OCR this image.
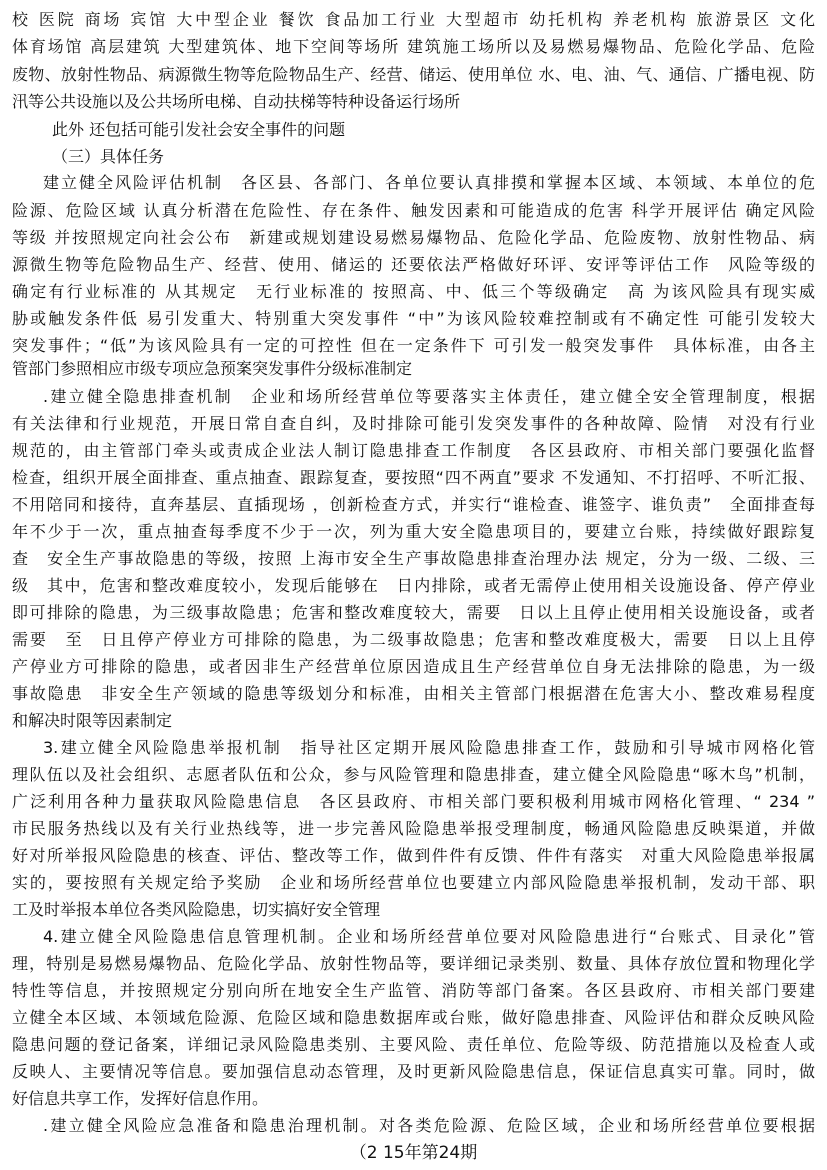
（2 15年第24期
校 医院 商场 宾馆 大中型企业 餐饮 食品加工行业 大型超市 幼托机构 养老机构 旅游景区 文化
体育场馆 高层建筑 大型建筑体、地下空间等场所 建筑施工场所以及易燃易爆物品、危险化学品、危险
废物、放射性物品、病源微生物等危险物品生产、经营、储运、使用单位 水、电、油、气、通信、广播电视、防
汛等公共设施以及公共场所电梯、自动扶梯等特种设备运行场所
此外 还包括可能引发社会安全事件的问题
（三）具体任务
建立健全风险评估机制　各区县、各部门、各单位要认真排摸和掌握本区域、本领域、本单位的危
险源、危险区域 认真分析潜在危险性、存在条件、触发因素和可能造成的危害 科学开展评估 确定风险
等级 并按照规定向社会公布　新建或规划建设易燃易爆物品、危险化学品、危险废物、放射性物品、病
源微生物等危险物品生产、经营、使用、储运的 还要依法严格做好环评、安评等评估工作　风险等级的
确定有行业标准的 从其规定　无行业标准的 按照高、中、低三个等级确定　高 为该风险具有现实威
胁或触发条件低 易引发重大、特别重大突发事件 “中”为该风险较难控制或有不确定性 可能引发较大
突发事件；“低”为该风险具有一定的可控性 但在一定条件下 可引发一般突发事件　具体标准，由各主
管部门参照相应市级专项应急预案突发事件分级标准制定
.建立健全隐患排查机制　企业和场所经营单位等要落实主体责任，建立健全安全管理制度，根据
有关法律和行业规范，开展日常自查自纠，及时排除可能引发突发事件的各种故障、险情　对没有行业
规范的，由主管部门牵头或责成企业法人制订隐患排查工作制度　各区县政府、市相关部门要强化监督
检查，组织开展全面排查、重点抽查、跟踪复查，要按照“四不两直”要求 不发通知、不打招呼、不听汇报、
不用陪同和接待，直奔基层、直插现场 ，创新检查方式，并实行“谁检查、谁签字、谁负责”　全面排查每
年不少于一次，重点抽查每季度不少于一次，列为重大安全隐患项目的，要建立台账，持续做好跟踪复
查　安全生产事故隐患的等级，按照 上海市安全生产事故隐患排查治理办法 规定，分为一级、二级、三
级　其中，危害和整改难度较小，发现后能够在　日内排除，或者无需停止使用相关设施设备、停产停业
即可排除的隐患，为三级事故隐患；危害和整改难度较大，需要　日以上且停止使用相关设施设备，或者
需要　至　日且停产停业方可排除的隐患，为二级事故隐患；危害和整改难度极大，需要　日以上且停
产停业方可排除的隐患，或者因非生产经营单位原因造成且生产经营单位自身无法排除的隐患，为一级
事故隐患　非安全生产领域的隐患等级划分和标准，由相关主管部门根据潜在危害大小、整改难易程度
和解决时限等因素制定
3.建立健全风险隐患举报机制　指导社区定期开展风险隐患排查工作，鼓励和引导城市网格化管
理队伍以及社会组织、志愿者队伍和公众，参与风险管理和隐患排查，建立健全风险隐患“啄木鸟”机制，
广泛利用各种力量获取风险隐患信息　各区县政府、市相关部门要积极利用城市网格化管理、“ 234 ”
市民服务热线以及有关行业热线等，进一步完善风险隐患举报受理制度，畅通风险隐患反映渠道，并做
好对所举报风险隐患的核查、评估、整改等工作，做到件件有反馈、件件有落实　对重大风险隐患举报属
实的，要按照有关规定给予奖励　企业和场所经营单位也要建立内部风险隐患举报机制，发动干部、职
工及时举报本单位各类风险隐患，切实搞好安全管理
4.建立健全风险隐患信息管理机制。企业和场所经营单位要对风险隐患进行“台账式、目录化”管
理，特别是易燃易爆物品、危险化学品、放射性物品等，要详细记录类别、数量、具体存放位置和物理化学
特性等信息，并按照规定分别向所在地安全生产监管、消防等部门备案。各区县政府、市相关部门要建
立健全本区域、本领域危险源、危险区域和隐患数据库或台账，做好隐患排查、风险评估和群众反映风险
隐患问题的登记备案，详细记录风险隐患类别、主要风险、责任单位、危险等级、防范措施以及检查人或
反映人、主要情况等信息。要加强信息动态管理，及时更新风险隐患信息，保证信息真实可靠。同时，做
好信息共享工作，发挥好信息作用。
.建立健全风险应急准备和隐患治理机制。对各类危险源、危险区域，企业和场所经营单位要根据
